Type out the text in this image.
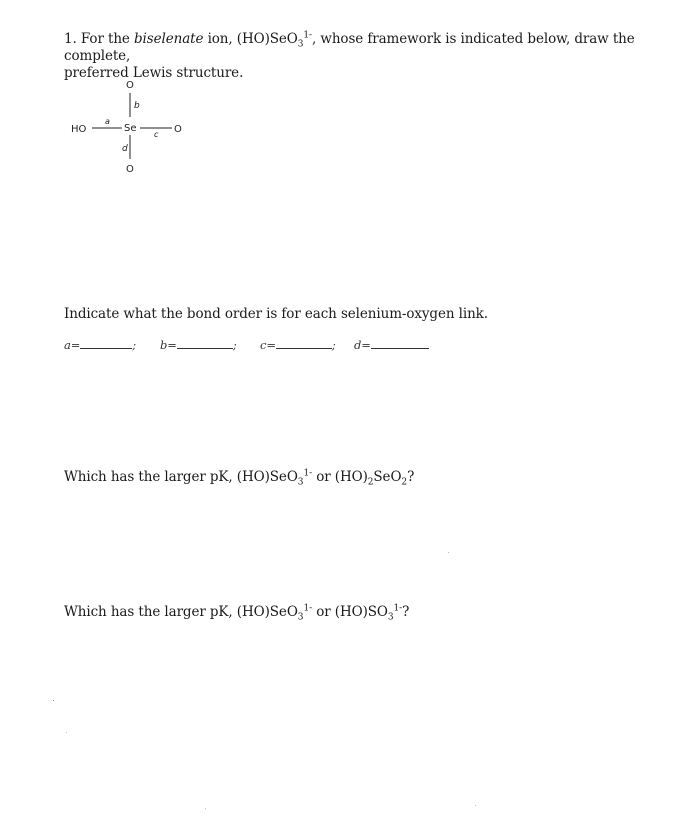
1. For the biselenate ion, (HO)SeO$_3^{1-}$, whose framework is indicated below, draw the complete,
preferred Lewis structure.
O
b
HO
a
Se
c O
d
O
Indicate what the bond order is for each selenium-oxygen link.
a=	; b=	; c=	; d=
Which has the larger pK, (HO)SeO$_3^{1-}$ or $(HO)_2SeO_2$?
Which has the larger pK, (HO)SeO$_3^{1-}$ or $(HO)SO_3^{1-}$?
